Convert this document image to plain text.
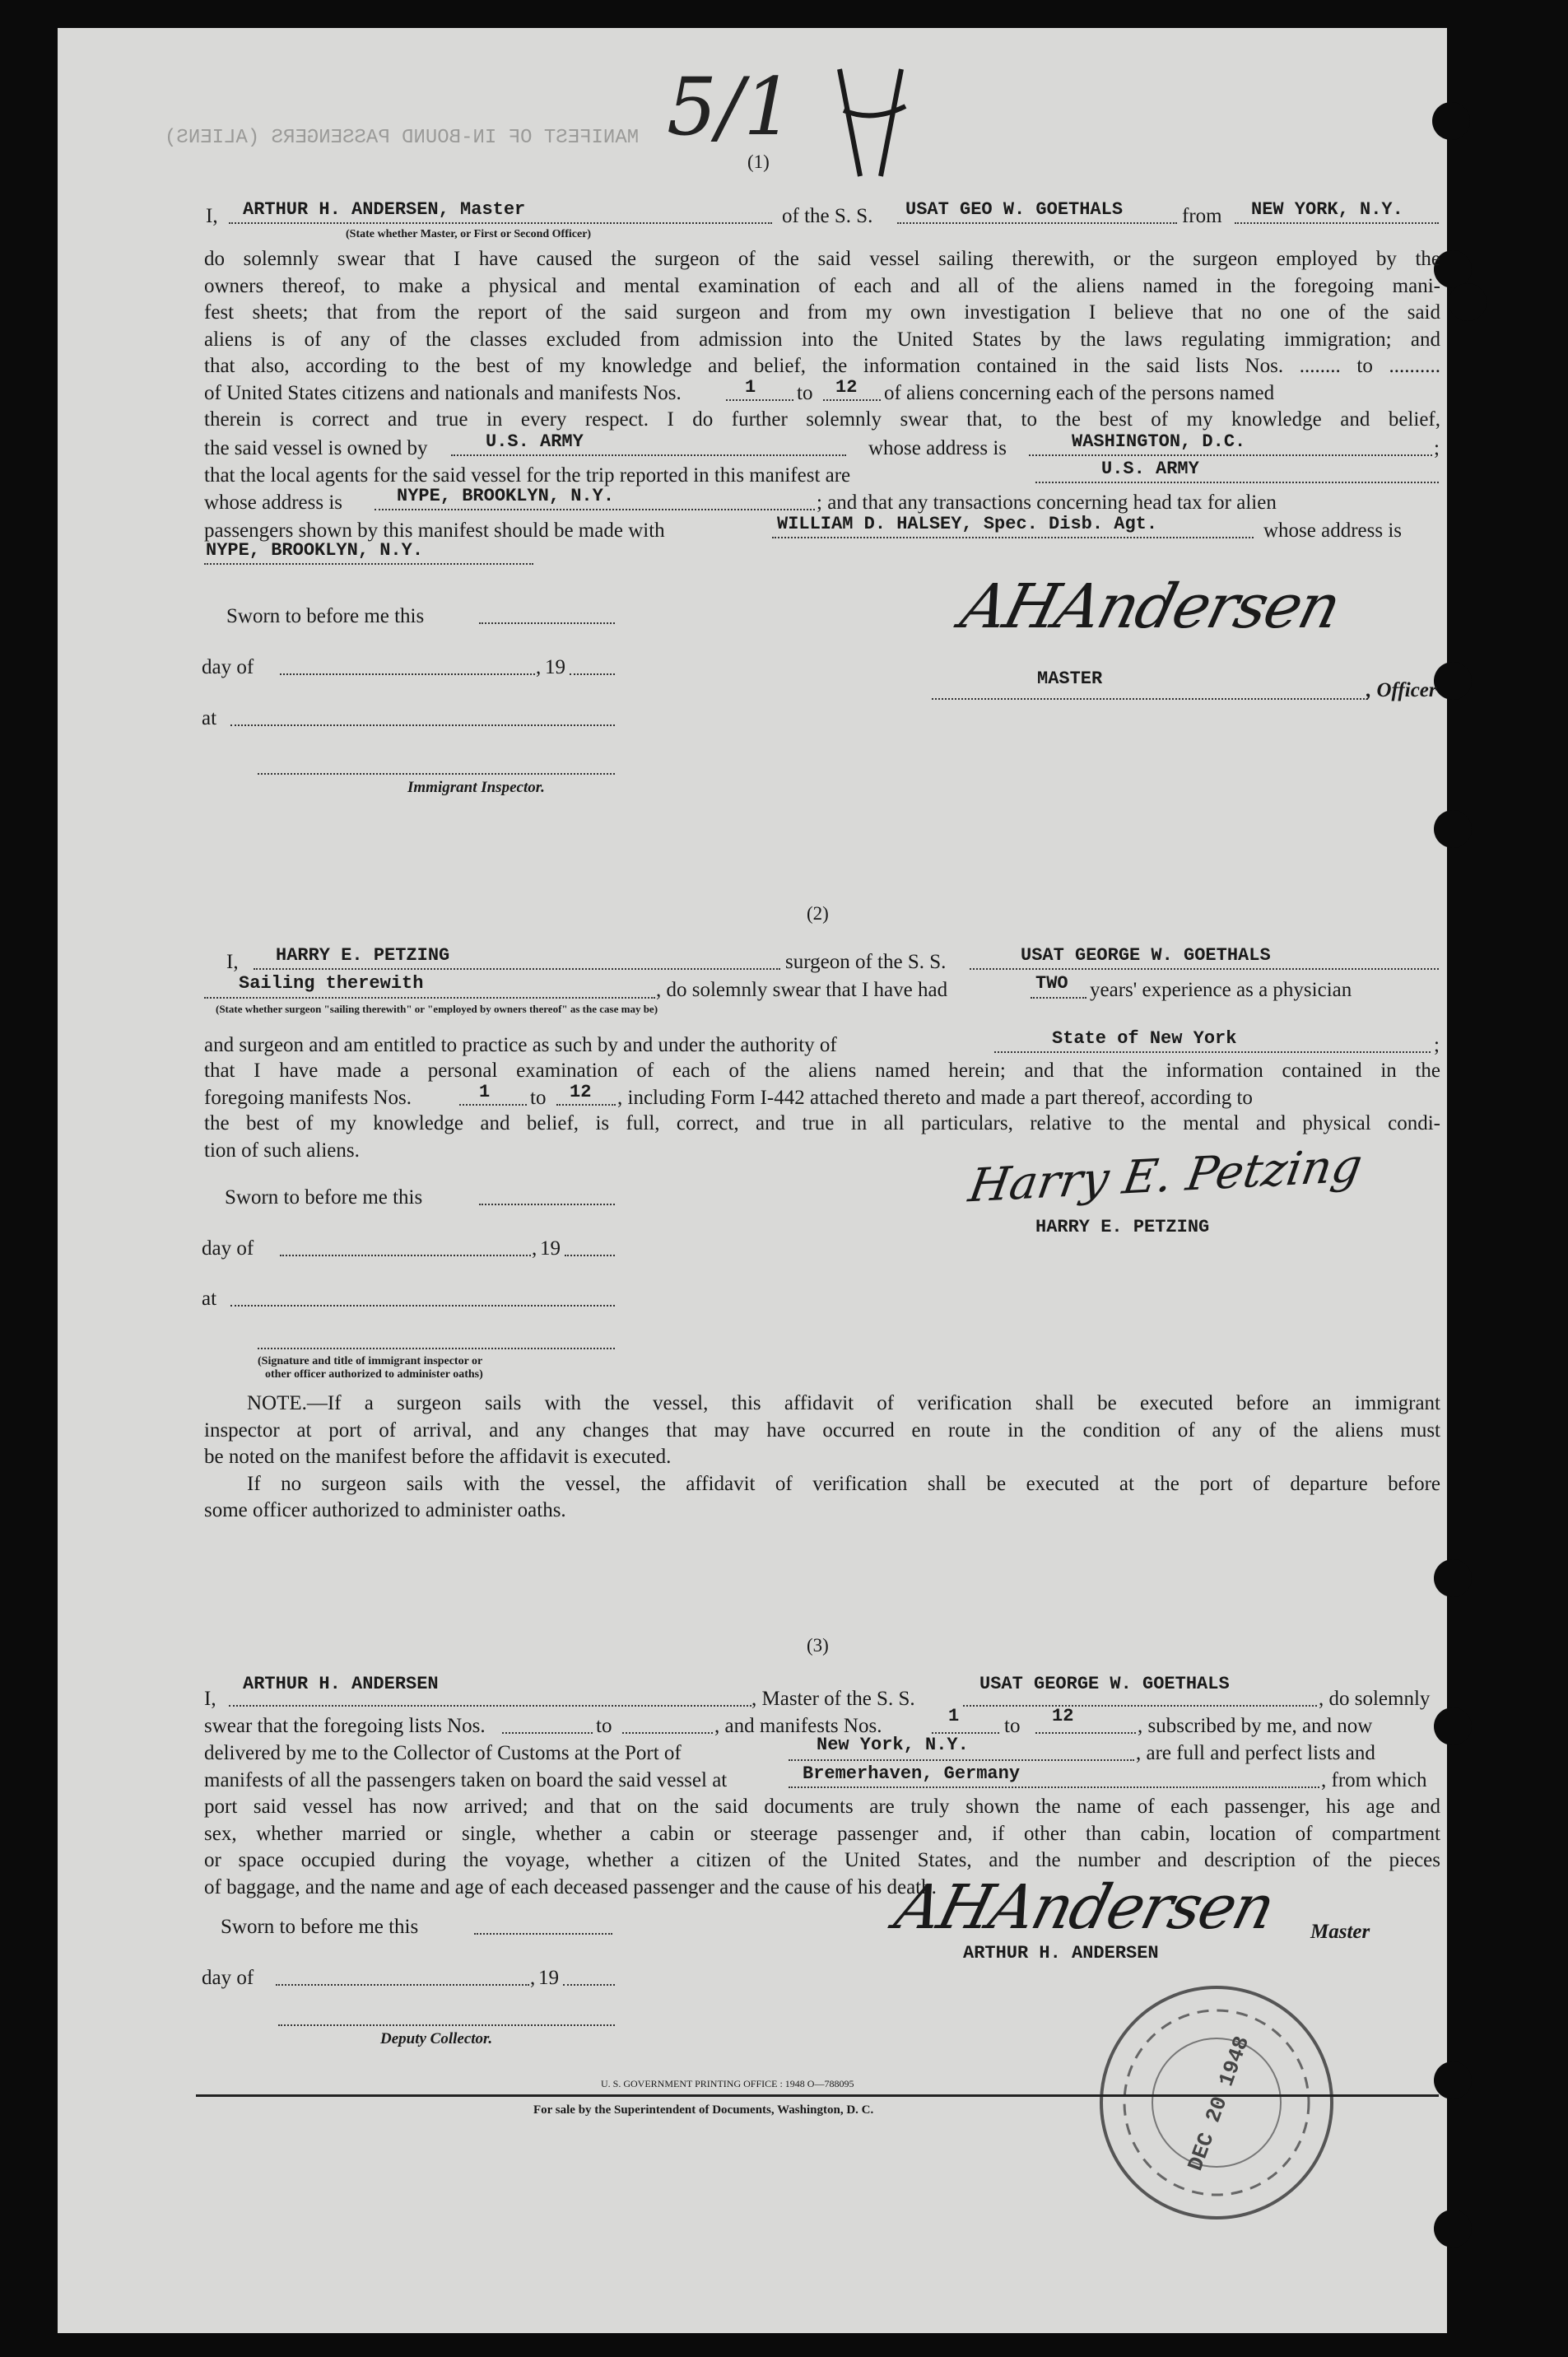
MANIFEST OF IN-BOUND PASSENGERS (ALIENS) 5/1
(1)
I, ARTHUR H. ANDERSEN, Master	of the S. S. USAT GEO W. GOETHALS	from NEW YORK, N.Y.
(State whether Master, or First or Second Officer)
do solemnly swear that I have caused the surgeon of the said vessel sailing therewith, or the surgeon employed by the
owners thereof, to make a physical and mental examination of each and all of the aliens named in the foregoing mani-
fest sheets; that from the report of the said surgeon and from my own investigation I believe that no one of the said
aliens is of any of the classes excluded from admission into the United States by the laws regulating immigration; and
that also, according to the best of my knowledge and belief, the information contained in the said lists Nos. ........ to ..........
of United States citizens and nationals and manifests Nos.	1 to 12 of aliens concerning each of the persons named
therein is correct and true in every respect. I do further solemnly swear that, to the best of my knowledge and belief,
the said vessel is owned by	U.S. ARMY	whose address is	WASHINGTON, D.C.	;
that the local agents for the said vessel for the trip reported in this manifest are	U.S. ARMY
whose address is	NYPE, BROOKLYN, N.Y.	; and that any transactions concerning head tax for alien
passengers shown by this manifest should be made with	WILLIAM D. HALSEY, Spec. Disb. Agt.	whose address is
NYPE, BROOKLYN, N.Y.
Sworn to before me this
day of	, 19
at
Immigrant Inspector.
AHAndersen
MASTER
, Officer
(2)
I, HARRY E. PETZING	surgeon of the S. S.	USAT GEORGE W. GOETHALS
Sailing therewith	, do solemnly swear that I have had	TWO years' experience as a physician
(State whether surgeon "sailing therewith" or "employed by owners thereof" as the case may be)
and surgeon and am entitled to practice as such by and under the authority of	State of New York	;
that I have made a personal examination of each of the aliens named herein; and that the information contained in the
foregoing manifests Nos.	1 to 12 , including Form I-442 attached thereto and made a part thereof, according to
the best of my knowledge and belief, is full, correct, and true in all particulars, relative to the mental and physical condi-
tion of such aliens.
Sworn to before me this
day of	, 19
at
(Signature and title of immigrant inspector or
other officer authorized to administer oaths)
Harry E. Petzing
HARRY E. PETZING
NOTE.—If a surgeon sails with the vessel, this affidavit of verification shall be executed before an immigrant
inspector at port of arrival, and any changes that may have occurred en route in the condition of any of the aliens must
be noted on the manifest before the affidavit is executed.
If no surgeon sails with the vessel, the affidavit of verification shall be executed at the port of departure before
some officer authorized to administer oaths.
(3)
I,
ARTHUR H. ANDERSEN
, Master of the S. S.
USAT GEORGE W. GOETHALS
, do solemnly
swear that the foregoing lists Nos.	to	, and manifests Nos.	1 to 12	, subscribed by me, and now
delivered by me to the Collector of Customs at the Port of	New York, N.Y.	, are full and perfect lists and
manifests of all the passengers taken on board the said vessel at	Bremerhaven, Germany	, from which
port said vessel has now arrived; and that on the said documents are truly shown the name of each passenger, his age and
sex, whether married or single, whether a cabin or steerage passenger and, if other than cabin, location of compartment
or space occupied during the voyage, whether a citizen of the United States, and the number and description of the pieces
of baggage, and the name and age of each deceased passenger and the cause of his death.
Sworn to before me this
day of	, 19
Deputy Collector.
AHAndersen Master
ARTHUR H. ANDERSEN
DEC 20 1948
U. S. GOVERNMENT PRINTING OFFICE : 1948 O—788095
For sale by the Superintendent of Documents, Washington, D. C.
